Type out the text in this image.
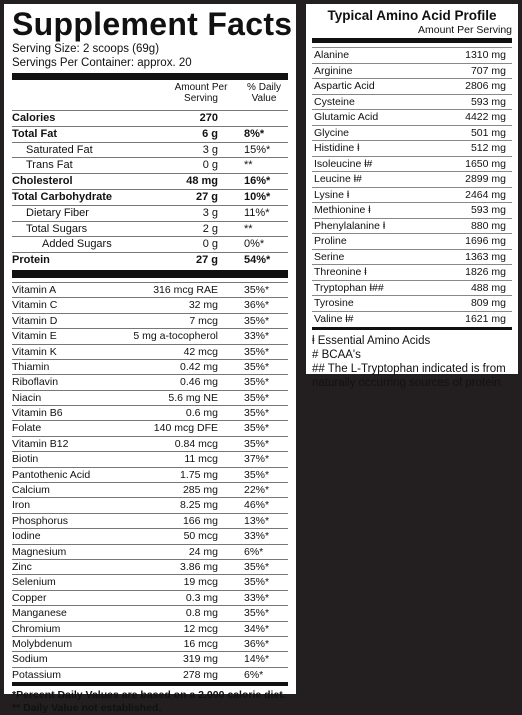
Supplement Facts
Serving Size: 2 scoops (69g)
Servings Per Container: approx. 20
Amount Per Serving
% Daily Value
Calories	270
Total Fat	6 g 8%*
Saturated Fat	3 g 15%*
Trans Fat	0 g **
Cholesterol	48 mg 16%*
Total Carbohydrate	27 g 10%*
Dietary Fiber	3 g 11%*
Total Sugars	2 g **
Added Sugars	0 g 0%*
Protein	27 g 54%*
Vitamin A	316 mcg RAE 35%*
Vitamin C	32 mg 36%*
Vitamin D	7 mcg 35%*
Vitamin E	5 mg a-tocopherol 33%*
Vitamin K	42 mcg 35%*
Thiamin	0.42 mg 35%*
Riboflavin	0.46 mg 35%*
Niacin	5.6 mg NE 35%*
Vitamin B6	0.6 mg 35%*
Folate	140 mcg DFE 35%*
Vitamin B12	0.84 mcg 35%*
Biotin	11 mcg 37%*
Pantothenic Acid	1.75 mg 35%*
Calcium	285 mg 22%*
Iron	8.25 mg 46%*
Phosphorus	166 mg 13%*
Iodine	50 mcg 33%*
Magnesium	24 mg 6%*
Zinc	3.86 mg 35%*
Selenium	19 mcg 35%*
Copper	0.3 mg 33%*
Manganese	0.8 mg 35%*
Chromium	12 mcg 34%*
Molybdenum	16 mcg 36%*
Sodium	319 mg 14%*
Potassium	278 mg 6%*
*Percent Daily Values are based on a 2,000 calorie diet.
** Daily Value not established.
Typical Amino Acid Profile
Amount Per Serving
Alanine	1310 mg
Arginine	707 mg
Aspartic Acid	2806 mg
Cysteine	593 mg
Glutamic Acid	4422 mg
Glycine	501 mg
Histidine ⱡ	512 mg
Isoleucine ⱡ#	1650 mg
Leucine ⱡ#	2899 mg
Lysine ⱡ	2464 mg
Methionine ⱡ	593 mg
Phenylalanine ⱡ	880 mg
Proline	1696 mg
Serine	1363 mg
Threonine ⱡ	1826 mg
Tryptophan ⱡ##	488 mg
Tyrosine	809 mg
Valine ⱡ#	1621 mg
ⱡ Essential Amino Acids
# BCAA's
## The L-Tryptophan indicated is from naturally occurring sources of protein.
